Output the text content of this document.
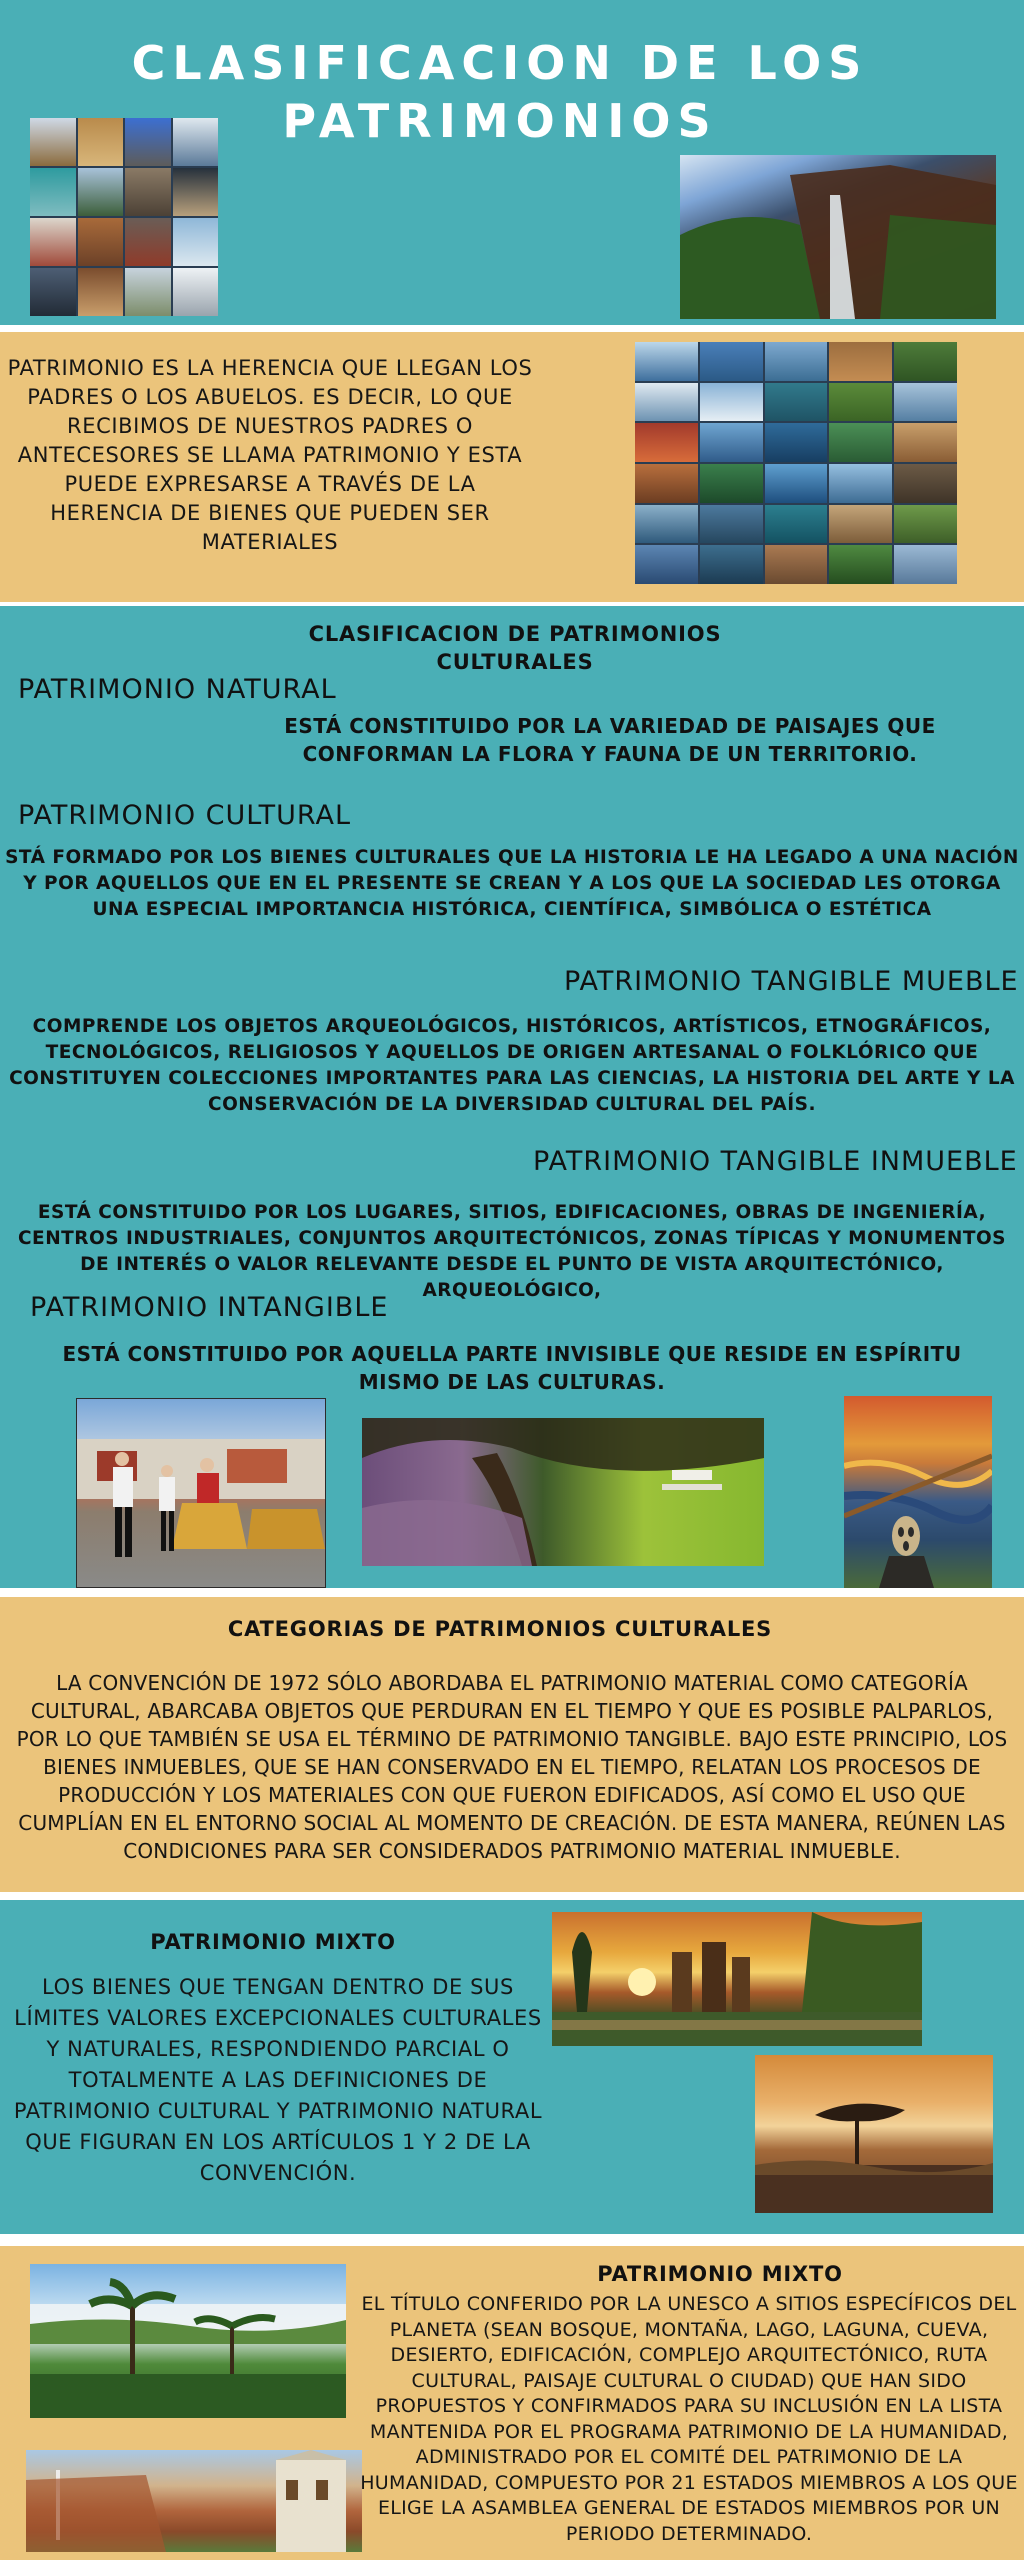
CLASIFICACION DE LOS
PATRIMONIOS
PATRIMONIO ES LA HERENCIA QUE LLEGAN LOS PADRES O LOS ABUELOS. ES DECIR, LO QUE RECIBIMOS DE NUESTROS PADRES O ANTECESORES SE LLAMA PATRIMONIO Y ESTA PUEDE EXPRESARSE A TRAVÉS DE LA HERENCIA DE BIENES QUE PUEDEN SER MATERIALES
CLASIFICACION DE PATRIMONIOS
CULTURALES
PATRIMONIO NATURAL
ESTÁ CONSTITUIDO POR LA VARIEDAD DE PAISAJES QUE CONFORMAN LA FLORA Y FAUNA DE UN TERRITORIO.
PATRIMONIO CULTURAL
STÁ FORMADO POR LOS BIENES CULTURALES QUE LA HISTORIA LE HA LEGADO A UNA NACIÓN Y POR AQUELLOS QUE EN EL PRESENTE SE CREAN Y A LOS QUE LA SOCIEDAD LES OTORGA UNA ESPECIAL IMPORTANCIA HISTÓRICA, CIENTÍFICA, SIMBÓLICA O ESTÉTICA
PATRIMONIO TANGIBLE MUEBLE
COMPRENDE LOS OBJETOS ARQUEOLÓGICOS, HISTÓRICOS, ARTÍSTICOS, ETNOGRÁFICOS, TECNOLÓGICOS, RELIGIOSOS Y AQUELLOS DE ORIGEN ARTESANAL O FOLKLÓRICO QUE CONSTITUYEN COLECCIONES IMPORTANTES PARA LAS CIENCIAS, LA HISTORIA DEL ARTE Y LA CONSERVACIÓN DE LA DIVERSIDAD CULTURAL DEL PAÍS.
PATRIMONIO TANGIBLE INMUEBLE
ESTÁ CONSTITUIDO POR LOS LUGARES, SITIOS, EDIFICACIONES, OBRAS DE INGENIERÍA, CENTROS INDUSTRIALES, CONJUNTOS ARQUITECTÓNICOS, ZONAS TÍPICAS Y MONUMENTOS DE INTERÉS O VALOR RELEVANTE DESDE EL PUNTO DE VISTA ARQUITECTÓNICO, ARQUEOLÓGICO,
PATRIMONIO INTANGIBLE
ESTÁ CONSTITUIDO POR AQUELLA PARTE INVISIBLE QUE RESIDE EN ESPÍRITU MISMO DE LAS CULTURAS.
CATEGORIAS DE PATRIMONIOS CULTURALES
LA CONVENCIÓN DE 1972 SÓLO ABORDABA EL PATRIMONIO MATERIAL COMO CATEGORÍA CULTURAL, ABARCABA OBJETOS QUE PERDURAN EN EL TIEMPO Y QUE ES POSIBLE PALPARLOS, POR LO QUE TAMBIÉN SE USA EL TÉRMINO DE PATRIMONIO TANGIBLE. BAJO ESTE PRINCIPIO, LOS BIENES INMUEBLES, QUE SE HAN CONSERVADO EN EL TIEMPO, RELATAN LOS PROCESOS DE PRODUCCIÓN Y LOS MATERIALES CON QUE FUERON EDIFICADOS, ASÍ COMO EL USO QUE CUMPLÍAN EN EL ENTORNO SOCIAL AL MOMENTO DE CREACIÓN. DE ESTA MANERA, REÚNEN LAS CONDICIONES PARA SER CONSIDERADOS PATRIMONIO MATERIAL INMUEBLE.
PATRIMONIO MIXTO
LOS BIENES QUE TENGAN DENTRO DE SUS LÍMITES VALORES EXCEPCIONALES CULTURALES Y NATURALES, RESPONDIENDO PARCIAL O TOTALMENTE A LAS DEFINICIONES DE PATRIMONIO CULTURAL Y PATRIMONIO NATURAL QUE FIGURAN EN LOS ARTÍCULOS 1 Y 2 DE LA CONVENCIÓN.
PATRIMONIO MIXTO
EL TÍTULO CONFERIDO POR LA UNESCO A SITIOS ESPECÍFICOS DEL PLANETA (SEAN BOSQUE, MONTAÑA, LAGO, LAGUNA, CUEVA, DESIERTO, EDIFICACIÓN, COMPLEJO ARQUITECTÓNICO, RUTA CULTURAL, PAISAJE CULTURAL O CIUDAD) QUE HAN SIDO PROPUESTOS Y CONFIRMADOS PARA SU INCLUSIÓN EN LA LISTA MANTENIDA POR EL PROGRAMA PATRIMONIO DE LA HUMANIDAD, ADMINISTRADO POR EL COMITÉ DEL PATRIMONIO DE LA HUMANIDAD, COMPUESTO POR 21 ESTADOS MIEMBROS A LOS QUE ELIGE LA ASAMBLEA GENERAL DE ESTADOS MIEMBROS POR UN PERIODO DETERMINADO.
